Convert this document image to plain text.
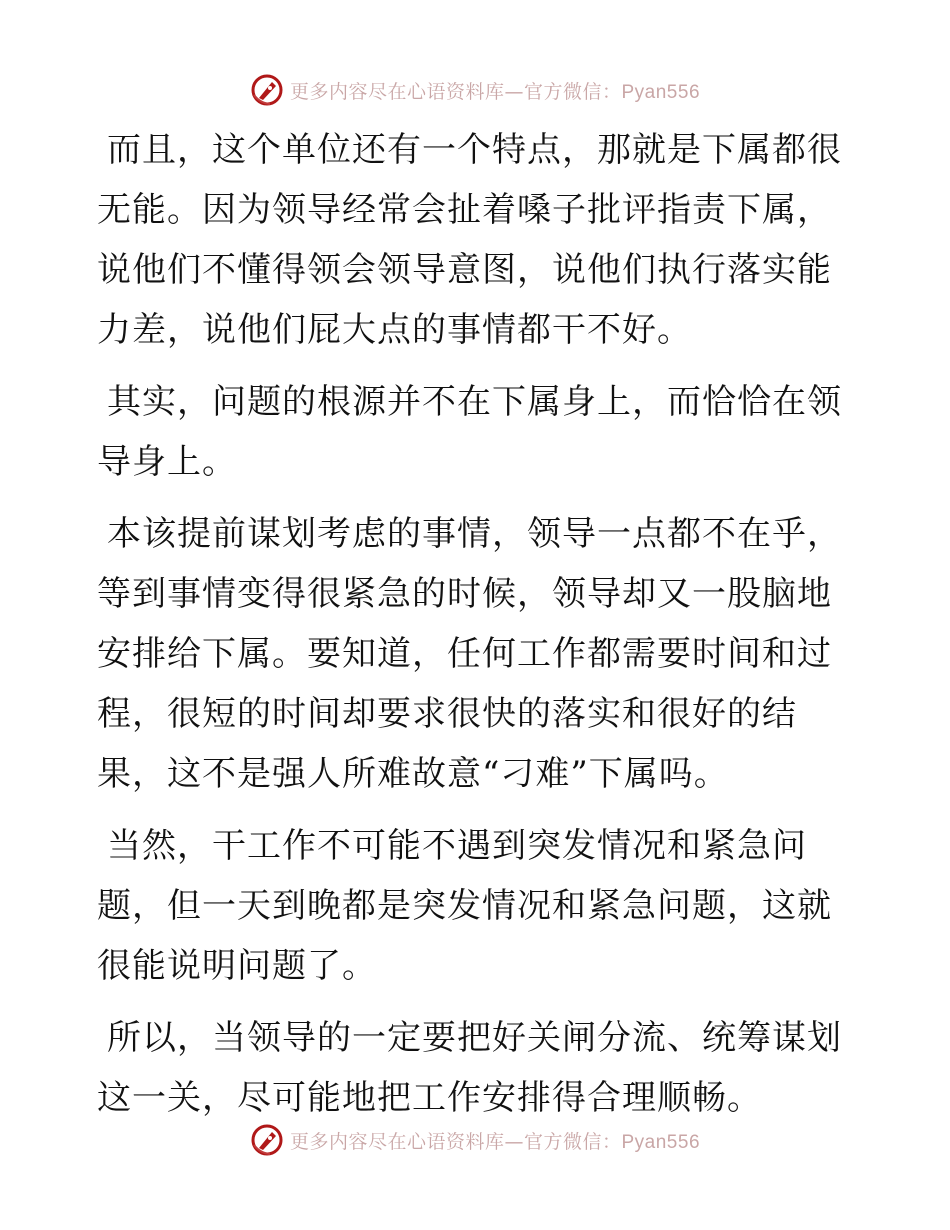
更多内容尽在心语资料库—官方微信：Pyan556

而且，这个单位还有一个特点，那就是下属都很无能。因为领导经常会扯着嗓子批评指责下属，说他们不懂得领会领导意图，说他们执行落实能力差，说他们屁大点的事情都干不好。

其实，问题的根源并不在下属身上，而恰恰在领导身上。

本该提前谋划考虑的事情，领导一点都不在乎，等到事情变得很紧急的时候，领导却又一股脑地安排给下属。要知道，任何工作都需要时间和过程，很短的时间却要求很快的落实和很好的结果，这不是强人所难故意“刁难”下属吗。

当然，干工作不可能不遇到突发情况和紧急问题，但一天到晚都是突发情况和紧急问题，这就很能说明问题了。

所以，当领导的一定要把好关闸分流、统筹谋划这一关，尽可能地把工作安排得合理顺畅。

更多内容尽在心语资料库—官方微信：Pyan556
